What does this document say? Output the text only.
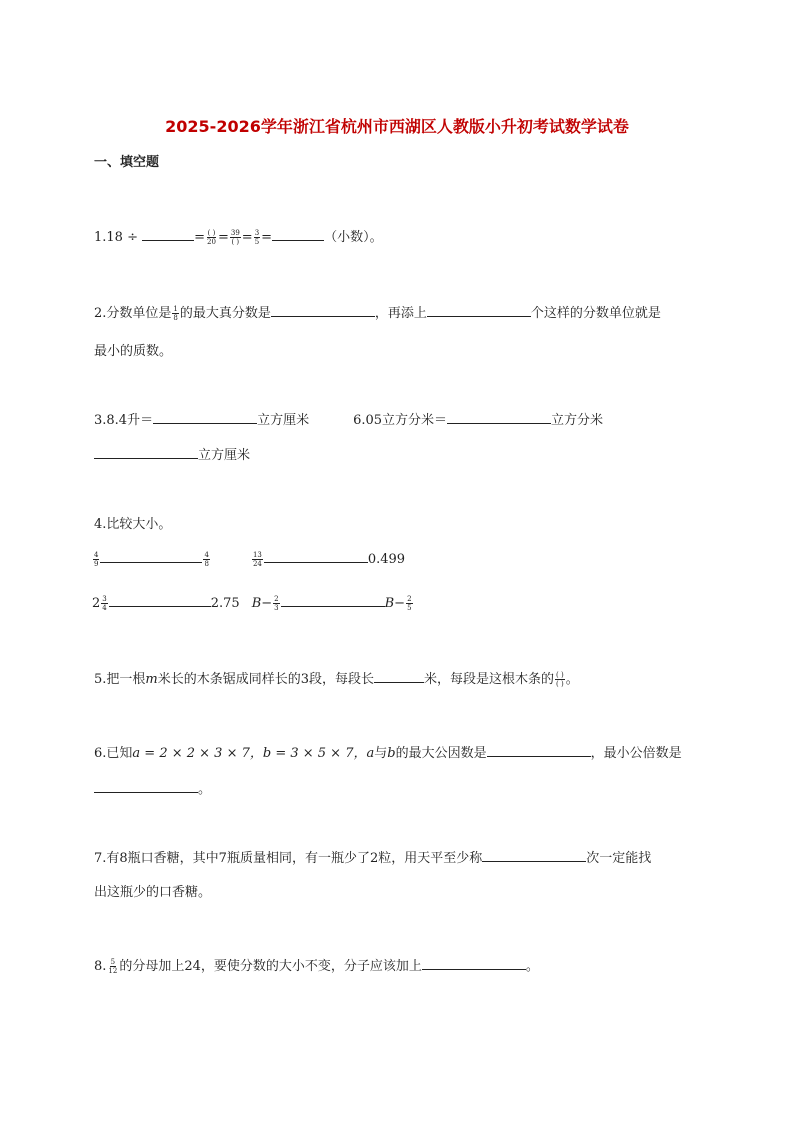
2025-2026学年浙江省杭州市西湖区人教版小升初考试数学试卷
一、填空题
1.18 ÷	= $\frac{( )}{20} = \frac{39}{( )} = \frac{3}{5}$ =	（小数）。
2.分数单位是 $\frac{1}{8}$ 的最大真分数是	，再添上	个这样的分数单位就是
最小的质数。
3.8.4升＝	立方厘米	6.05立方分米＝	立方分米
立方厘米
4.比较大小。
$\frac{4}{9}$	$\frac{4}{8}$	$\frac{13}{24}$	0.499
$2 \frac{3}{4}$	2.75 $B- \frac{2}{3}$	$B- \frac{2}{5}$
5.把一根m米长的木条锯成同样长的3段，每段长	米，每段是这根木条的 $\frac{( )}{( )}$ 。
6.已知a = 2 × 2 × 3 × 7，b = 3 × 5 × 7，a与b的最大公因数是	，最小公倍数是
。
7.有8瓶口香糖，其中7瓶质量相同，有一瓶少了2粒，用天平至少称	次一定能找
出这瓶少的口香糖。
8. $\frac{5}{12}$ 的分母加上24，要使分数的大小不变，分子应该加上	。
